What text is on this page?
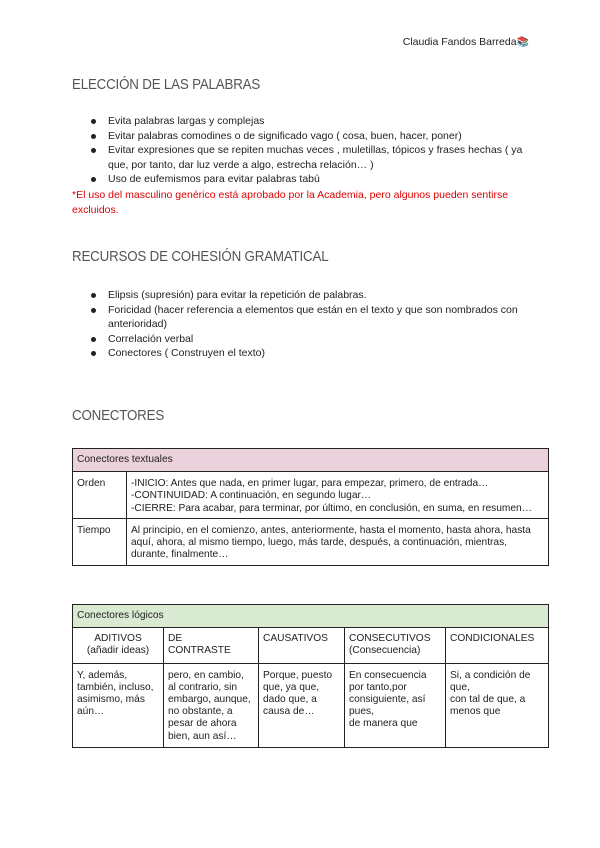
Claudia Fandos Barreda📚
ELECCIÓN DE LAS PALABRAS
Evita palabras largas y complejas
Evitar palabras comodines o de significado vago ( cosa, buen, hacer, poner)
Evitar expresiones que se repiten muchas veces , muletillas, tópicos y frases hechas ( ya que, por tanto, dar luz verde a algo, estrecha relación… )
Uso de eufemismos para evitar palabras tabú
*El uso del masculino genérico está aprobado por la Academia, pero algunos pueden sentirse excluidos.
RECURSOS DE COHESIÓN GRAMATICAL
Elipsis (supresión) para evitar la repetición de palabras.
Foricidad (hacer referencia a elementos que están en el texto y que son nombrados con anterioridad)
Correlación verbal
Conectores ( Construyen el texto)
CONECTORES
Conectores textuales	
Orden	-INICIO: Antes que nada, en primer lugar, para empezar, primero, de entrada…
-CONTINUIDAD: A continuación, en segundo lugar…
-CIERRE: Para acabar, para terminar, por último, en conclusión, en suma, en resumen…

Tiempo	Al principio, en el comienzo, antes, anteriormente, hasta el momento, hasta ahora, hasta aquí, ahora, al mismo tiempo, luego, más tarde, después, a continuación, mientras, durante, finalmente…
Conectores lógicos				
ADITIVOS
(añadir ideas)	DE
CONTRASTE	CAUSATIVOS	CONSECUTIVOS
(Consecuencia)	CONDICIONALES
Y, además, también, incluso, asimismo, más aún…	pero, en cambio, al contrario, sin embargo, aunque, no obstante, a pesar de ahora bien, aun así…	Porque, puesto que, ya que, dado que, a causa de…	En consecuencia por tanto,por consiguiente, así pues,
de manera que	Si, a condición de que,
con tal de que, a menos que
